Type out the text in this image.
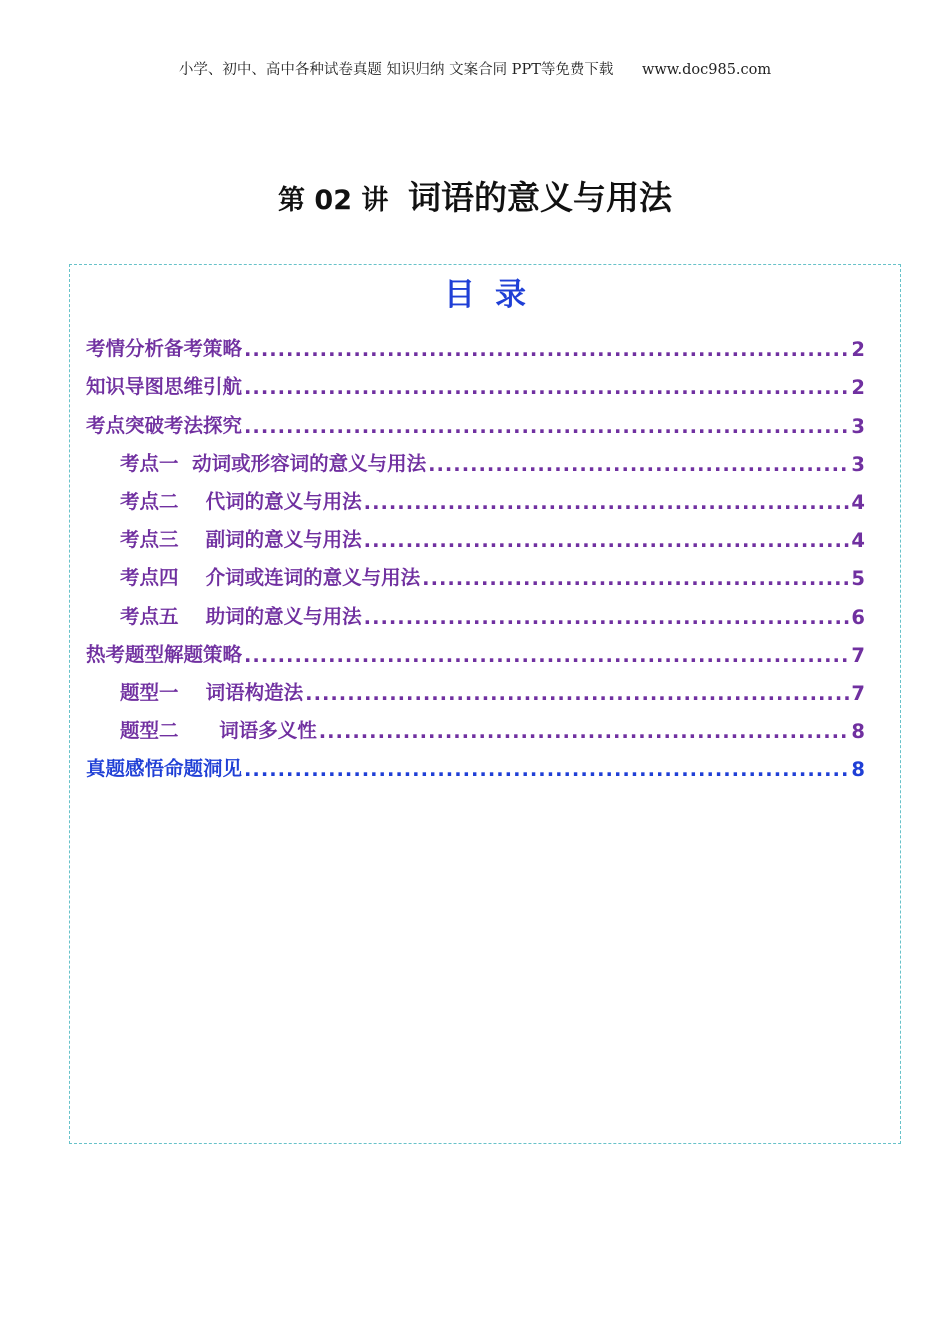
小学、初中、高中各种试卷真题 知识归纳 文案合同 PPT等免费下载 www.doc985.com
第 02 讲 词语的意义与用法
目录
考情分析备考策略 .....	2
知识导图思维引航 .....	2
考点突破考法探究 .....	3
考点一  动词或形容词的意义与用法 .....	3
考点二    代词的意义与用法 .....	4
考点三    副词的意义与用法 .....	4
考点四    介词或连词的意义与用法 .....	5
考点五    助词的意义与用法 .....	6
热考题型解题策略 .....	7
题型一    词语构造法 .....	7
题型二      词语多义性 .....	8
真题感悟命题洞见 .....	8
